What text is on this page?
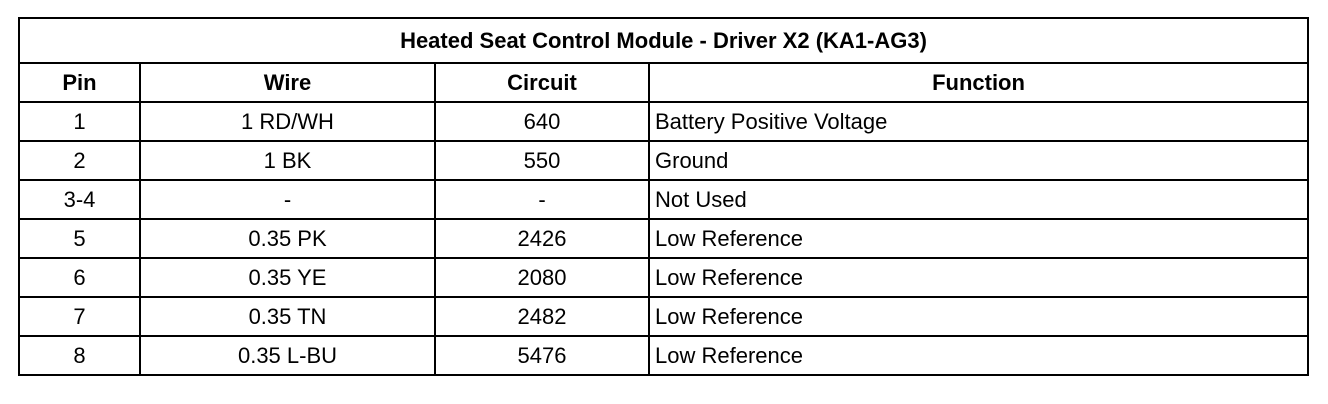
Heated Seat Control Module - Driver X2 (KA1-AG3)			
Pin	Wire	Circuit	Function
1	1 RD/WH	640	Battery Positive Voltage
2	1 BK	550	Ground
3-4	-	-	Not Used
5	0.35 PK	2426	Low Reference
6	0.35 YE	2080	Low Reference
7	0.35 TN	2482	Low Reference
8	0.35 L-BU	5476	Low Reference
